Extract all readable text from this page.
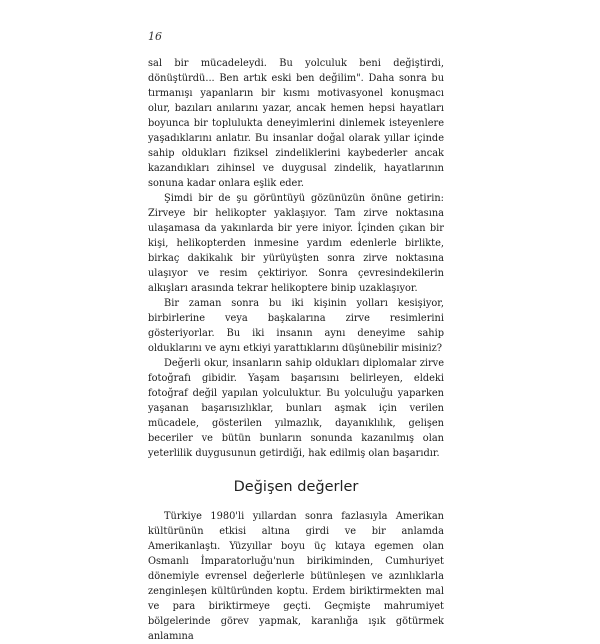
16

sal bir mücadeleydi. Bu yolculuk beni değiştirdi, dönüştürdü... Ben artık eski ben değilim". Daha sonra bu tırmanışı yapanların bir kısmı motivasyonel konuşmacı olur, bazıları anılarını yazar, ancak hemen hepsi hayatları boyunca bir toplulukta deneyimlerini dinlemek isteyenlere yaşadıklarını anlatır. Bu insanlar doğal olarak yıllar içinde sahip oldukları fiziksel zindeliklerini kaybederler ancak kazandıkları zihinsel ve duygusal zindelik, hayatlarının sonuna kadar onlara eşlik eder.

Şimdi bir de şu görüntüyü gözünüzün önüne getirin: Zirveye bir helikopter yaklaşıyor. Tam zirve noktasına ulaşamasa da yakınlarda bir yere iniyor. İçinden çıkan bir kişi, helikopterden inmesine yardım edenlerle birlikte, birkaç dakikalık bir yürüyüşten sonra zirve noktasına ulaşıyor ve resim çektiriyor. Sonra çevresindekilerin alkışları arasında tekrar helikoptere binip uzaklaşıyor.

Bir zaman sonra bu iki kişinin yolları kesişiyor, birbirlerine veya başkalarına zirve resimlerini gösteriyorlar. Bu iki insanın aynı deneyime sahip olduklarını ve aynı etkiyi yarattıklarını düşünebilir misiniz?

Değerli okur, insanların sahip oldukları diplomalar zirve fotoğrafı gibidir. Yaşam başarısını belirleyen, eldeki fotoğraf değil yapılan yolculuktur. Bu yolculuğu yaparken yaşanan başarısızlıklar, bunları aşmak için verilen mücadele, gösterilen yılmazlık, dayanıklılık, gelişen beceriler ve bütün bunların sonunda kazanılmış olan yeterlilik duygusunun getirdiği, hak edilmiş olan başarıdır.

Değişen değerler

Türkiye 1980'li yıllardan sonra fazlasıyla Amerikan kültürünün etkisi altına girdi ve bir anlamda Amerikanlaştı. Yüzyıllar boyu üç kıtaya egemen olan Osmanlı İmparatorluğu'nun birikiminden, Cumhuriyet dönemiyle evrensel değerlerle bütünleşen ve azınlıklarla zenginleşen kültüründen koptu. Erdem biriktirmekten mal ve para biriktirmeye geçti. Geçmişte mahrumiyet bölgelerinde görev yapmak, karanlığa ışık götürmek anlamına
